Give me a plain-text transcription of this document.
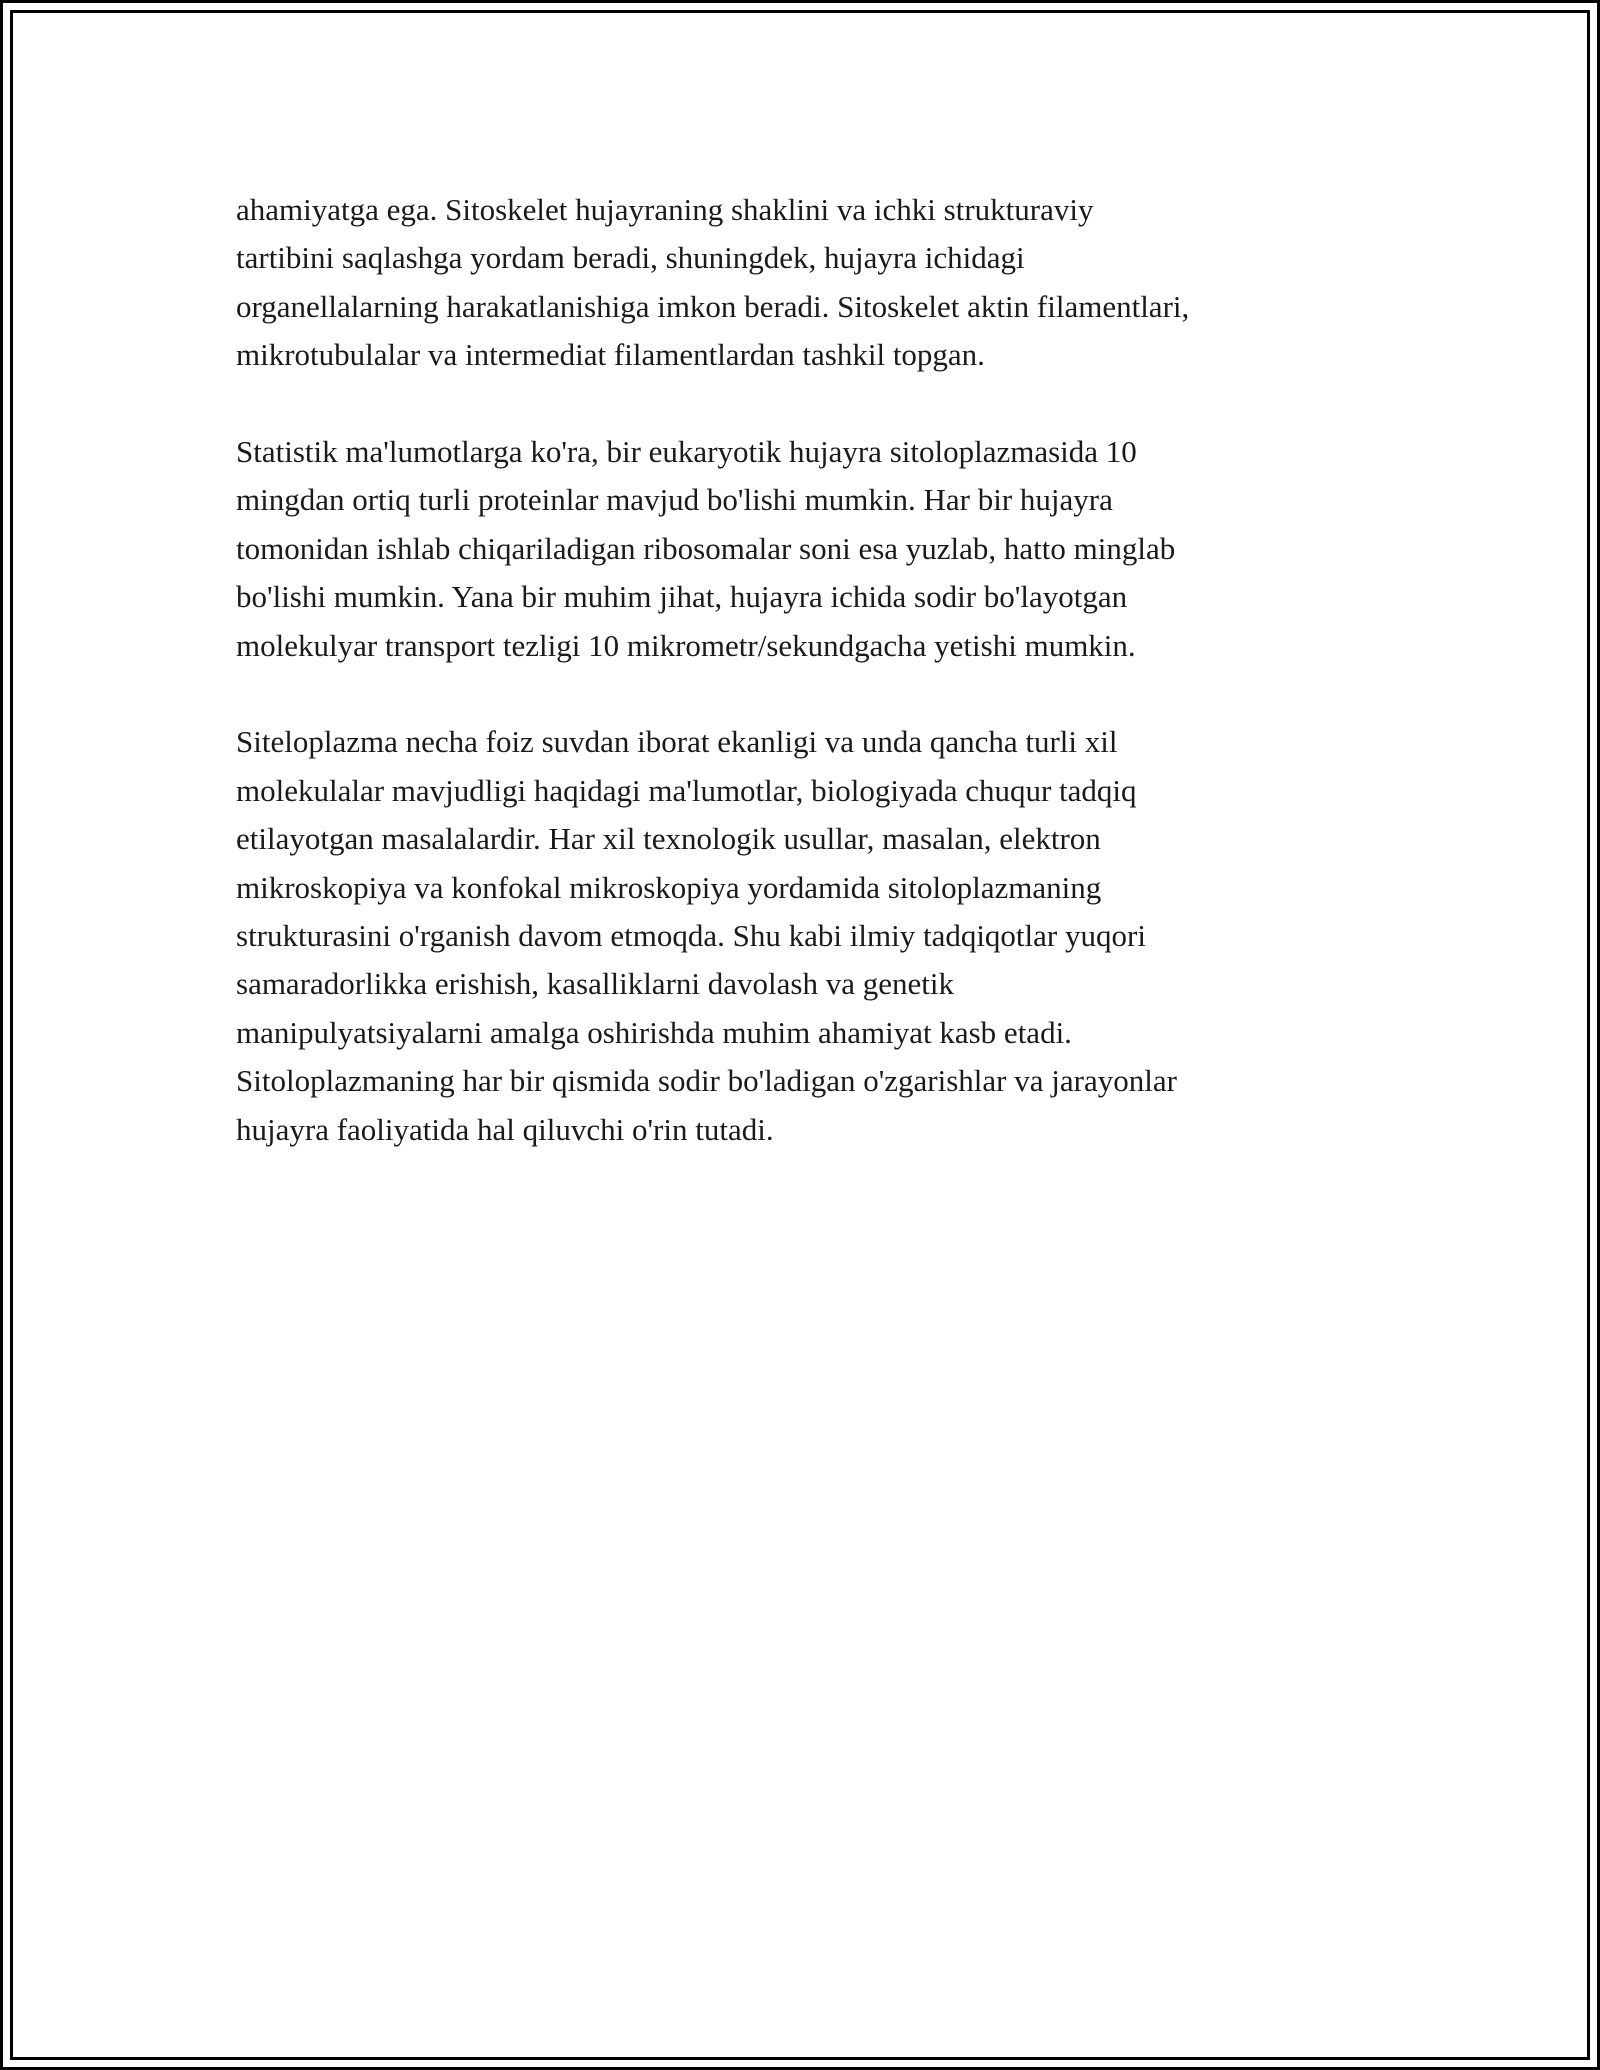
ahamiyatga ega. Sitoskelet hujayraning shaklini va ichki strukturaviy
tartibini saqlashga yordam beradi, shuningdek, hujayra ichidagi
organellalarning harakatlanishiga imkon beradi. Sitoskelet aktin filamentlari,
mikrotubulalar va intermediat filamentlardan tashkil topgan.

Statistik ma'lumotlarga ko'ra, bir eukaryotik hujayra sitoloplazmasida 10
mingdan ortiq turli proteinlar mavjud bo'lishi mumkin. Har bir hujayra
tomonidan ishlab chiqariladigan ribosomalar soni esa yuzlab, hatto minglab
bo'lishi mumkin. Yana bir muhim jihat, hujayra ichida sodir bo'layotgan
molekulyar transport tezligi 10 mikrometr/sekundgacha yetishi mumkin.

Siteloplazma necha foiz suvdan iborat ekanligi va unda qancha turli xil
molekulalar mavjudligi haqidagi ma'lumotlar, biologiyada chuqur tadqiq
etilayotgan masalalardir. Har xil texnologik usullar, masalan, elektron
mikroskopiya va konfokal mikroskopiya yordamida sitoloplazmaning
strukturasini o'rganish davom etmoqda. Shu kabi ilmiy tadqiqotlar yuqori
samaradorlikka erishish, kasalliklarni davolash va genetik
manipulyatsiyalarni amalga oshirishda muhim ahamiyat kasb etadi.
Sitoloplazmaning har bir qismida sodir bo'ladigan o'zgarishlar va jarayonlar
hujayra faoliyatida hal qiluvchi o'rin tutadi.
